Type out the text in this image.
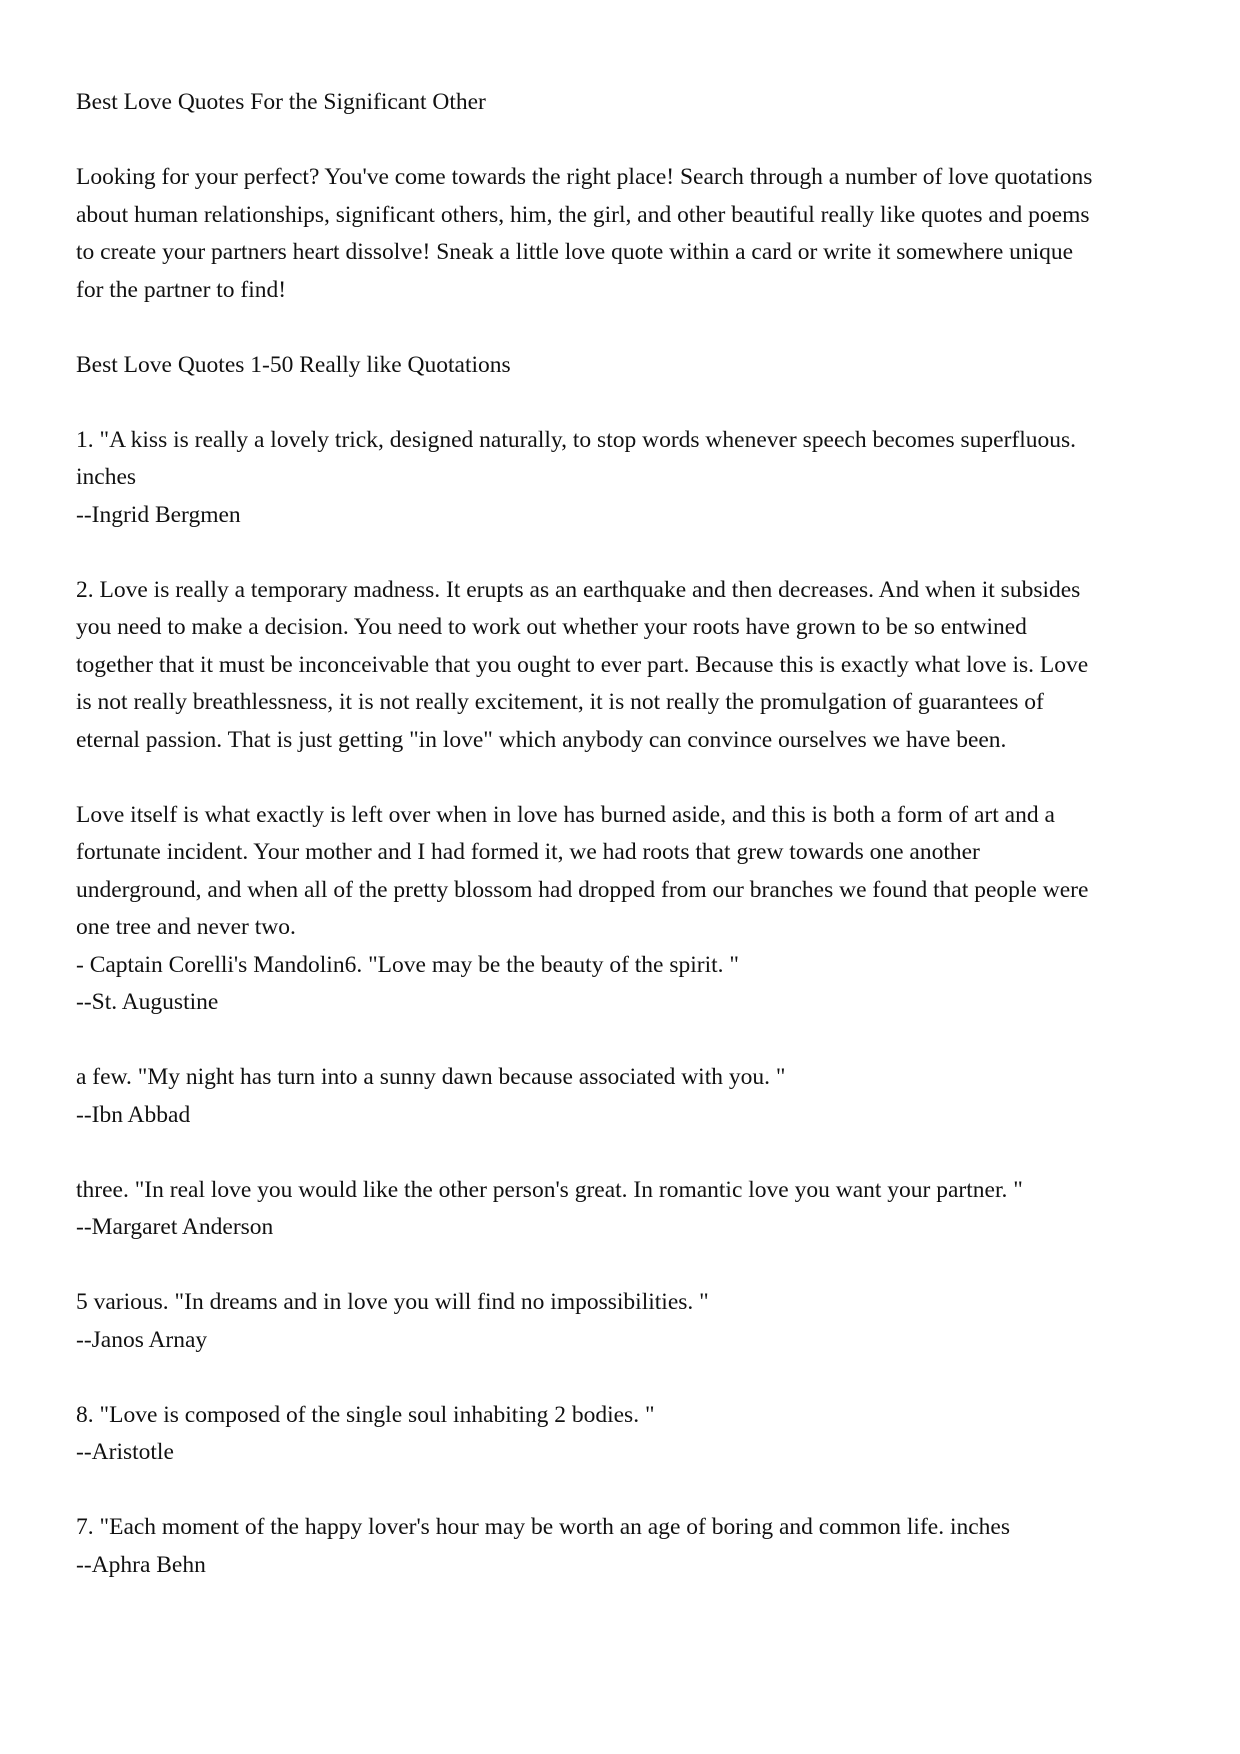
Best Love Quotes For the Significant Other

Looking for your perfect? You've come towards the right place! Search through a number of love quotations
about human relationships, significant others, him, the girl, and other beautiful really like quotes and poems
to create your partners heart dissolve! Sneak a little love quote within a card or write it somewhere unique
for the partner to find!

Best Love Quotes 1-50 Really like Quotations

1. "A kiss is really a lovely trick, designed naturally, to stop words whenever speech becomes superfluous.
inches
--Ingrid Bergmen

2. Love is really a temporary madness. It erupts as an earthquake and then decreases. And when it subsides
you need to make a decision. You need to work out whether your roots have grown to be so entwined
together that it must be inconceivable that you ought to ever part. Because this is exactly what love is. Love
is not really breathlessness, it is not really excitement, it is not really the promulgation of guarantees of
eternal passion. That is just getting "in love" which anybody can convince ourselves we have been.

Love itself is what exactly is left over when in love has burned aside, and this is both a form of art and a
fortunate incident. Your mother and I had formed it, we had roots that grew towards one another
underground, and when all of the pretty blossom had dropped from our branches we found that people were
one tree and never two.
- Captain Corelli's Mandolin6. "Love may be the beauty of the spirit. "
--St. Augustine

a few. "My night has turn into a sunny dawn because associated with you. "
--Ibn Abbad

three. "In real love you would like the other person's great. In romantic love you want your partner. "
--Margaret Anderson

5 various. "In dreams and in love you will find no impossibilities. "
--Janos Arnay

8. "Love is composed of the single soul inhabiting 2 bodies. "
--Aristotle

7. "Each moment of the happy lover's hour may be worth an age of boring and common life. inches
--Aphra Behn
